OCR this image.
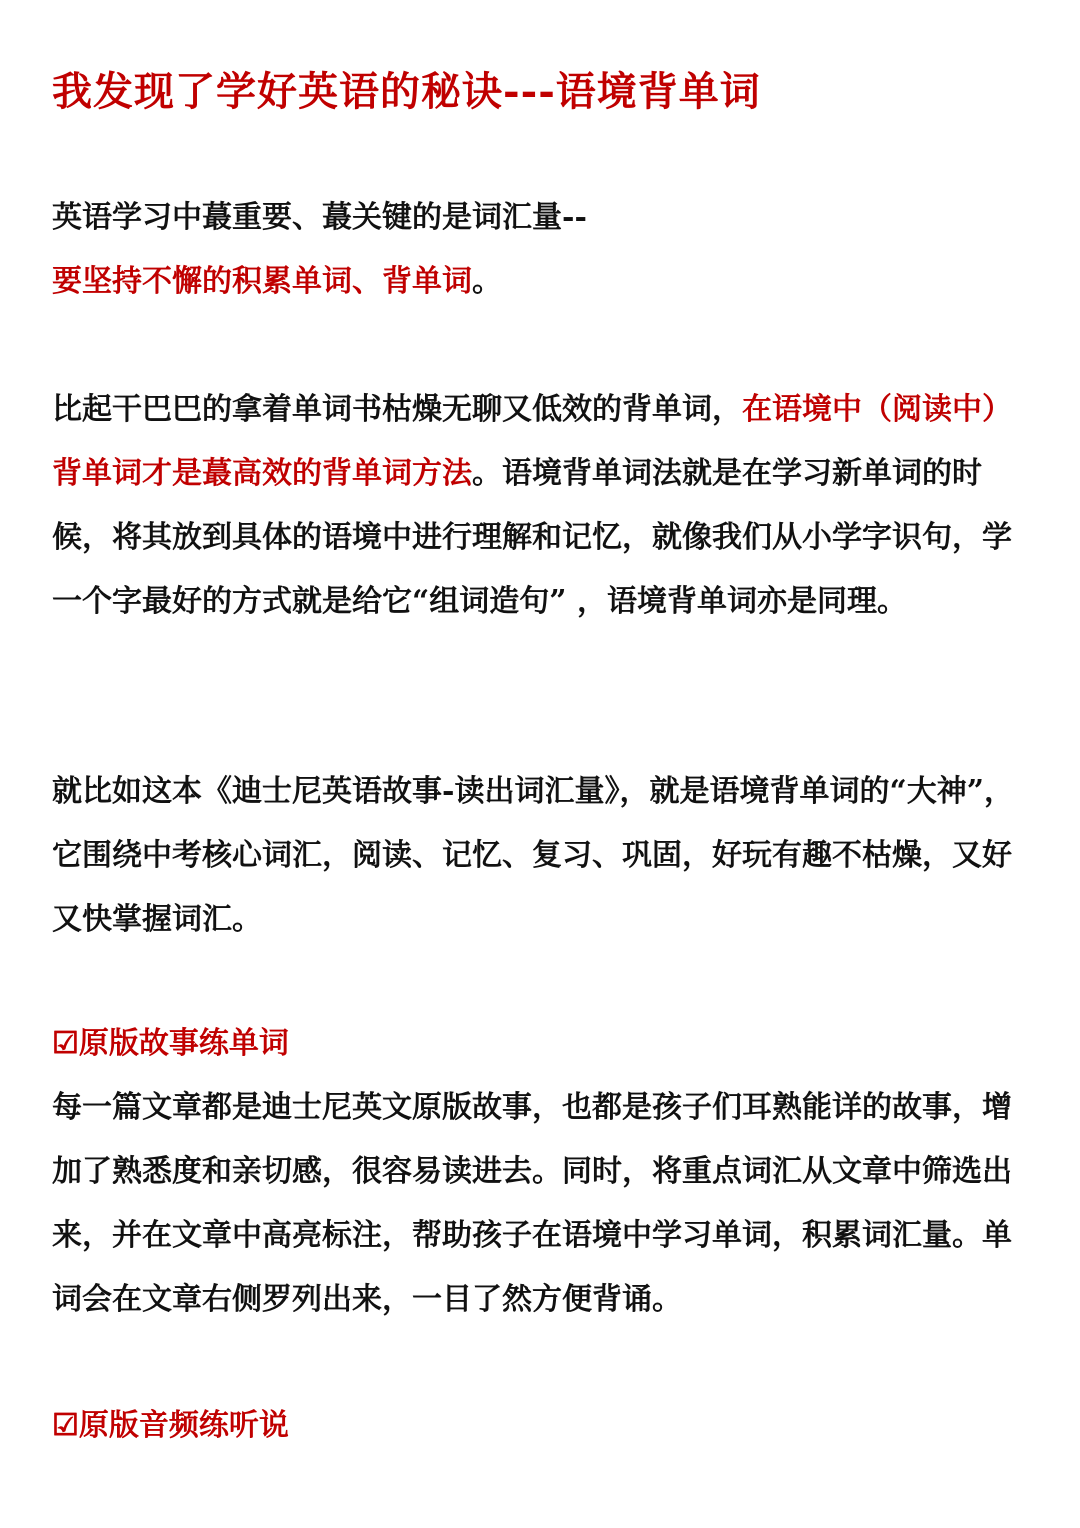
我发现了学好英语的秘诀---语境背单词

英语学习中蕞重要、蕞关键的是词汇量--
要坚持不懈的积累单词、背单词。

比起干巴巴的拿着单词书枯燥无聊又低效的背单词，在语境中（阅读中）背单词才是蕞高效的背单词方法。语境背单词法就是在学习新单词的时候，将其放到具体的语境中进行理解和记忆，就像我们从小学字识句，学一个字最好的方式就是给它“组词造句” ，语境背单词亦是同理。

就比如这本《迪士尼英语故事-读出词汇量》，就是语境背单词的“大神”，它围绕中考核心词汇，阅读、记忆、复习、巩固，好玩有趣不枯燥，又好又快掌握词汇。

☑原版故事练单词

每一篇文章都是迪士尼英文原版故事，也都是孩子们耳熟能详的故事，增加了熟悉度和亲切感，很容易读进去。同时，将重点词汇从文章中筛选出来，并在文章中高亮标注，帮助孩子在语境中学习单词，积累词汇量。单词会在文章右侧罗列出来，一目了然方便背诵。

☑原版音频练听说
